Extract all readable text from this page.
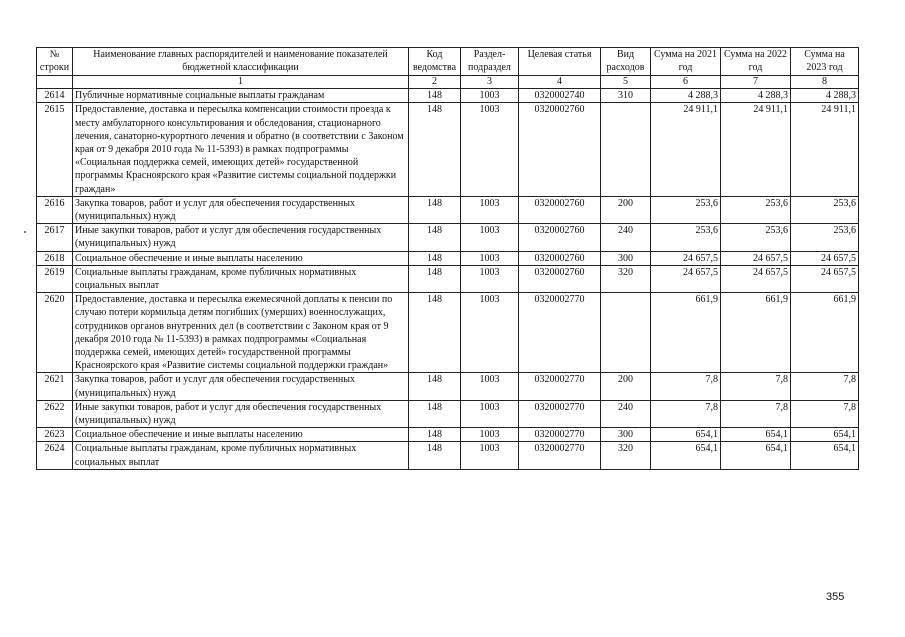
№ строки	Наименование главных распорядителей и наименование показателей бюджетной классификации	Код ведомства	Раздел-подраздел	Целевая статья	Вид расходов	Сумма на 2021 год	Сумма на 2022 год	Сумма на 2023 год
	1	2	3	4	5	6	7	8
2614	Публичные нормативные социальные выплаты гражданам	148	1003	0320002740	310	4 288,3	4 288,3	4 288,3
2615	Предоставление, доставка и пересылка компенсации стоимости проезда к месту амбулаторного консультирования и обследования, стационарного лечения, санаторно-курортного лечения и обратно (в соответствии с Законом края от 9 декабря 2010 года № 11-5393) в рамках подпрограммы «Социальная поддержка семей, имеющих детей» государственной программы Красноярского края «Развитие системы социальной поддержки граждан»	148	1003	0320002760		24 911,1	24 911,1	24 911,1
2616	Закупка товаров, работ и услуг для обеспечения государственных (муниципальных) нужд	148	1003	0320002760	200	253,6	253,6	253,6
2617	Иные закупки товаров, работ и услуг для обеспечения государственных (муниципальных) нужд	148	1003	0320002760	240	253,6	253,6	253,6
2618	Социальное обеспечение и иные выплаты населению	148	1003	0320002760	300	24 657,5	24 657,5	24 657,5
2619	Социальные выплаты гражданам, кроме публичных нормативных социальных выплат	148	1003	0320002760	320	24 657,5	24 657,5	24 657,5
2620	Предоставление, доставка и пересылка ежемесячной доплаты к пенсии по случаю потери кормильца детям погибших (умерших) военнослужащих, сотрудников органов внутренних дел (в соответствии с Законом края от 9 декабря 2010 года № 11-5393) в рамках подпрограммы «Социальная поддержка семей, имеющих детей» государственной программы Красноярского края «Развитие системы социальной поддержки граждан»	148	1003	0320002770		661,9	661,9	661,9
2621	Закупка товаров, работ и услуг для обеспечения государственных (муниципальных) нужд	148	1003	0320002770	200	7,8	7,8	7,8
2622	Иные закупки товаров, работ и услуг для обеспечения государственных (муниципальных) нужд	148	1003	0320002770	240	7,8	7,8	7,8
2623	Социальное обеспечение и иные выплаты населению	148	1003	0320002770	300	654,1	654,1	654,1
2624	Социальные выплаты гражданам, кроме публичных нормативных социальных выплат	148	1003	0320002770	320	654,1	654,1	654,1
355
